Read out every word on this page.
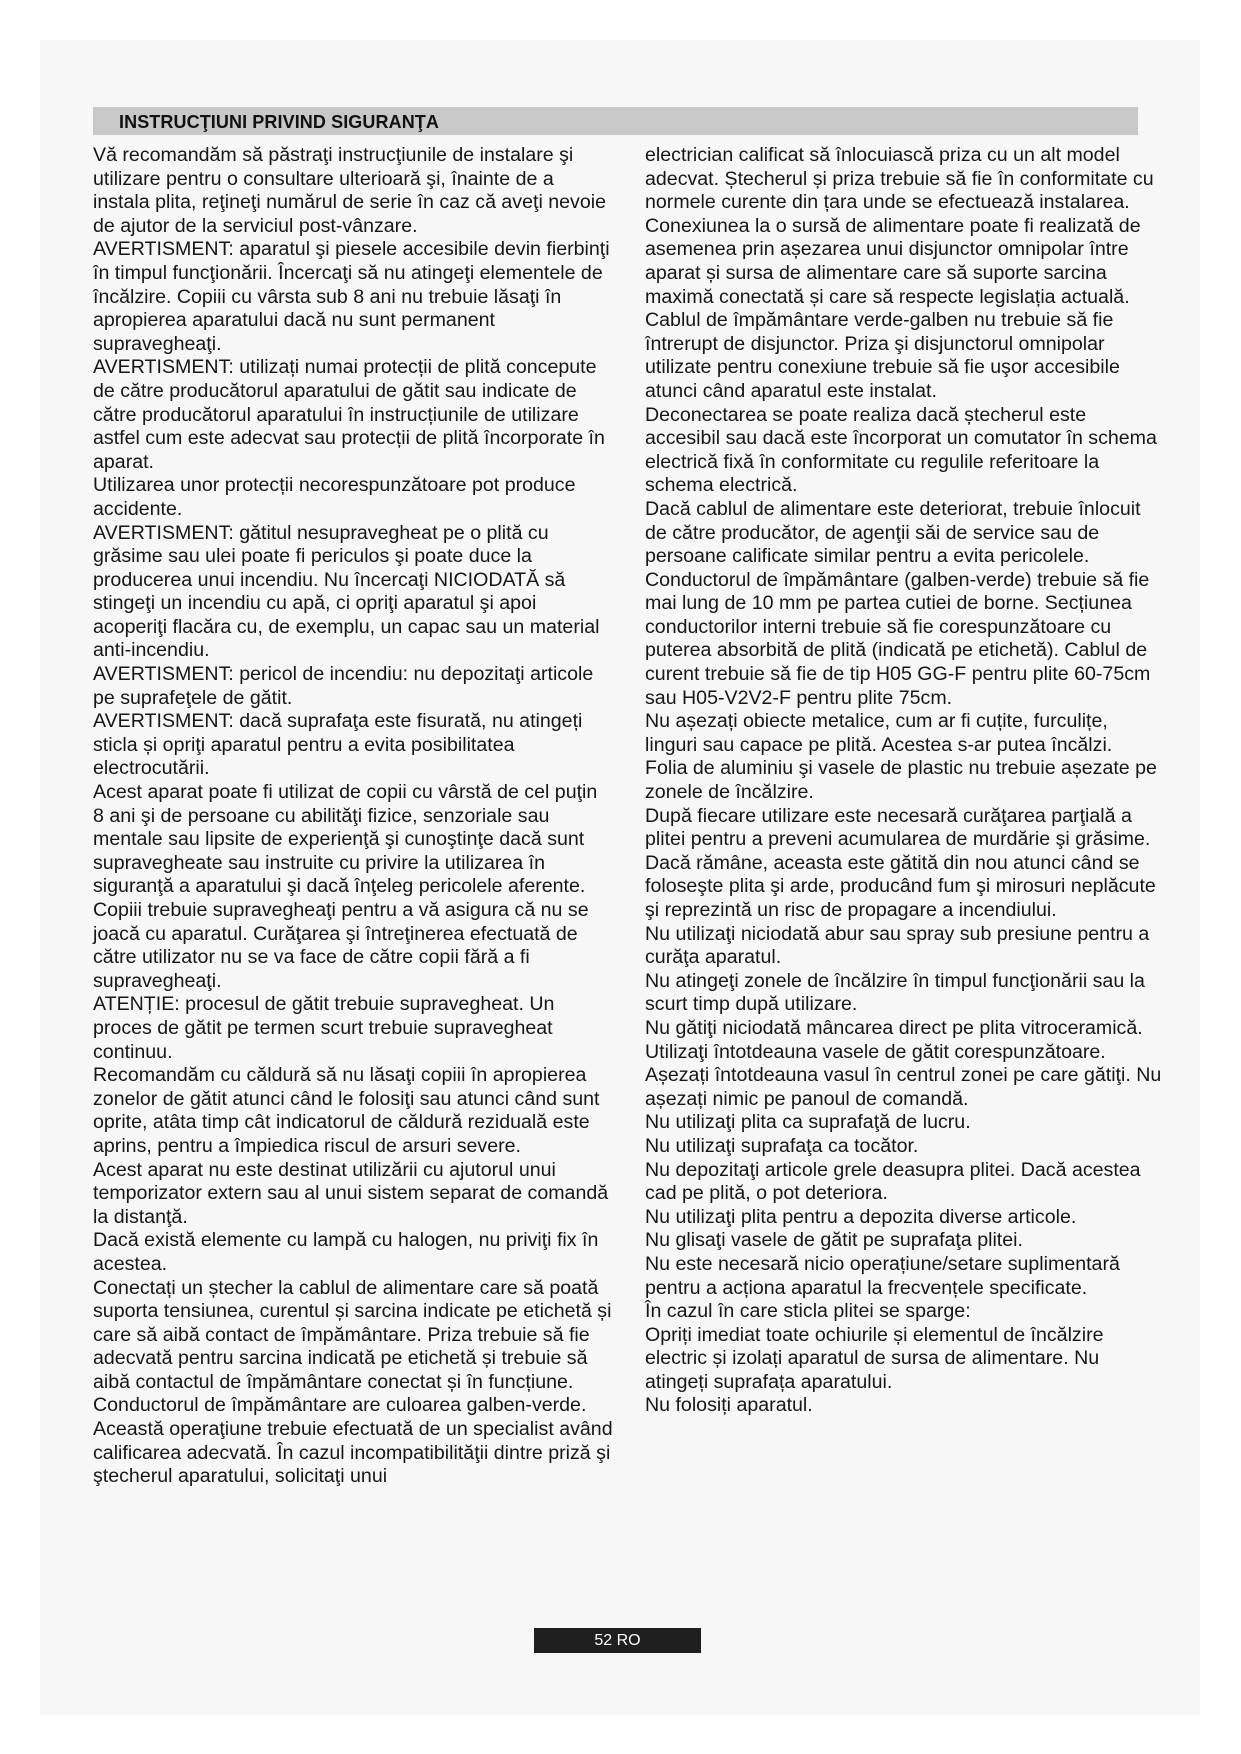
INSTRUCŢIUNI PRIVIND SIGURANŢA

Vă recomandăm să păstraţi instrucţiunile de instalare şi utilizare pentru o consultare ulterioară şi, înainte de a instala plita, reţineţi numărul de serie în caz că aveţi nevoie de ajutor de la serviciul post-vânzare.

AVERTISMENT: aparatul şi piesele accesibile devin fierbinţi în timpul funcţionării. Încercaţi să nu atingeţi elementele de încălzire. Copiii cu vârsta sub 8 ani nu trebuie lăsaţi în apropierea aparatului dacă nu sunt permanent supravegheaţi.

AVERTISMENT: utilizați numai protecții de plită concepute de către producătorul aparatului de gătit sau indicate de către producătorul aparatului în instrucțiunile de utilizare astfel cum este adecvat sau protecții de plită încorporate în aparat.

Utilizarea unor protecții necorespunzătoare pot produce accidente.

AVERTISMENT: gătitul nesupravegheat pe o plită cu grăsime sau ulei poate fi periculos şi poate duce la producerea unui incendiu. Nu încercaţi NICIODATĂ să stingeţi un incendiu cu apă, ci opriţi aparatul şi apoi acoperiţi flacăra cu, de exemplu, un capac sau un material anti-incendiu.

AVERTISMENT: pericol de incendiu: nu depozitaţi articole pe suprafeţele de gătit.

AVERTISMENT: dacă suprafaţa este fisurată, nu atingeți sticla și opriţi aparatul pentru a evita posibilitatea electrocutării.

Acest aparat poate fi utilizat de copii cu vârstă de cel puţin 8 ani şi de persoane cu abilităţi fizice, senzoriale sau mentale sau lipsite de experienţă şi cunoştinţe dacă sunt supravegheate sau instruite cu privire la utilizarea în siguranţă a aparatului şi dacă înţeleg pericolele aferente.

Copiii trebuie supravegheaţi pentru a vă asigura că nu se joacă cu aparatul. Curăţarea şi întreţinerea efectuată de către utilizator nu se va face de către copii fără a fi supravegheaţi.

ATENȚIE: procesul de gătit trebuie supravegheat. Un proces de gătit pe termen scurt trebuie supravegheat continuu.

Recomandăm cu căldură să nu lăsaţi copiii în apropierea zonelor de gătit atunci când le folosiţi sau atunci când sunt oprite, atâta timp cât indicatorul de căldură reziduală este aprins, pentru a împiedica riscul de arsuri severe.

Acest aparat nu este destinat utilizării cu ajutorul unui temporizator extern sau al unui sistem separat de comandă la distanţă.

Dacă există elemente cu lampă cu halogen, nu priviţi fix în acestea.

Conectați un ștecher la cablul de alimentare care să poată suporta tensiunea, curentul și sarcina indicate pe etichetă și care să aibă contact de împământare. Priza trebuie să fie adecvată pentru sarcina indicată pe etichetă și trebuie să aibă contactul de împământare conectat și în funcțiune. Conductorul de împământare are culoarea galben-verde. Această operaţiune trebuie efectuată de un specialist având calificarea adecvată. În cazul incompatibilităţii dintre priză şi ştecherul aparatului, solicitaţi unui

electrician calificat să înlocuiască priza cu un alt model adecvat. Ștecherul și priza trebuie să fie în conformitate cu normele curente din țara unde se efectuează instalarea.

Conexiunea la o sursă de alimentare poate fi realizată de asemenea prin așezarea unui disjunctor omnipolar între aparat și sursa de alimentare care să suporte sarcina maximă conectată și care să respecte legislația actuală.

Cablul de împământare verde-galben nu trebuie să fie întrerupt de disjunctor. Priza şi disjunctorul omnipolar utilizate pentru conexiune trebuie să fie uşor accesibile atunci când aparatul este instalat.

Deconectarea se poate realiza dacă ștecherul este accesibil sau dacă este încorporat un comutator în schema electrică fixă în conformitate cu regulile referitoare la schema electrică.

Dacă cablul de alimentare este deteriorat, trebuie înlocuit de către producător, de agenţii săi de service sau de persoane calificate similar pentru a evita pericolele. Conductorul de împământare (galben-verde) trebuie să fie mai lung de 10 mm pe partea cutiei de borne. Secțiunea conductorilor interni trebuie să fie corespunzătoare cu puterea absorbită de plită (indicată pe etichetă). Cablul de curent trebuie să fie de tip H05 GG-F pentru plite 60-75cm sau H05-V2V2-F pentru plite 75cm.

Nu așezați obiecte metalice, cum ar fi cuțite, furculițe, linguri sau capace pe plită. Acestea s-ar putea încălzi.

Folia de aluminiu şi vasele de plastic nu trebuie așezate pe zonele de încălzire.

După fiecare utilizare este necesară curăţarea parţială a plitei pentru a preveni acumularea de murdărie şi grăsime. Dacă rămâne, aceasta este gătită din nou atunci când se foloseşte plita şi arde, producând fum şi mirosuri neplăcute şi reprezintă un risc de propagare a incendiului.

Nu utilizaţi niciodată abur sau spray sub presiune pentru a curăţa aparatul.

Nu atingeţi zonele de încălzire în timpul funcţionării sau la scurt timp după utilizare.

Nu gătiţi niciodată mâncarea direct pe plita vitroceramică.

Utilizaţi întotdeauna vasele de gătit corespunzătoare.

Așezați întotdeauna vasul în centrul zonei pe care gătiţi. Nu așezați nimic pe panoul de comandă.

Nu utilizaţi plita ca suprafaţă de lucru.

Nu utilizaţi suprafaţa ca tocător.

Nu depozitaţi articole grele deasupra plitei. Dacă acestea cad pe plită, o pot deteriora.

Nu utilizaţi plita pentru a depozita diverse articole.

Nu glisaţi vasele de gătit pe suprafaţa plitei.

Nu este necesară nicio operațiune/setare suplimentară pentru a acționa aparatul la frecvențele specificate.

În cazul în care sticla plitei se sparge:

Opriți imediat toate ochiurile și elementul de încălzire electric și izolați aparatul de sursa de alimentare. Nu atingeți suprafața aparatului.

Nu folosiți aparatul.

52 RO
